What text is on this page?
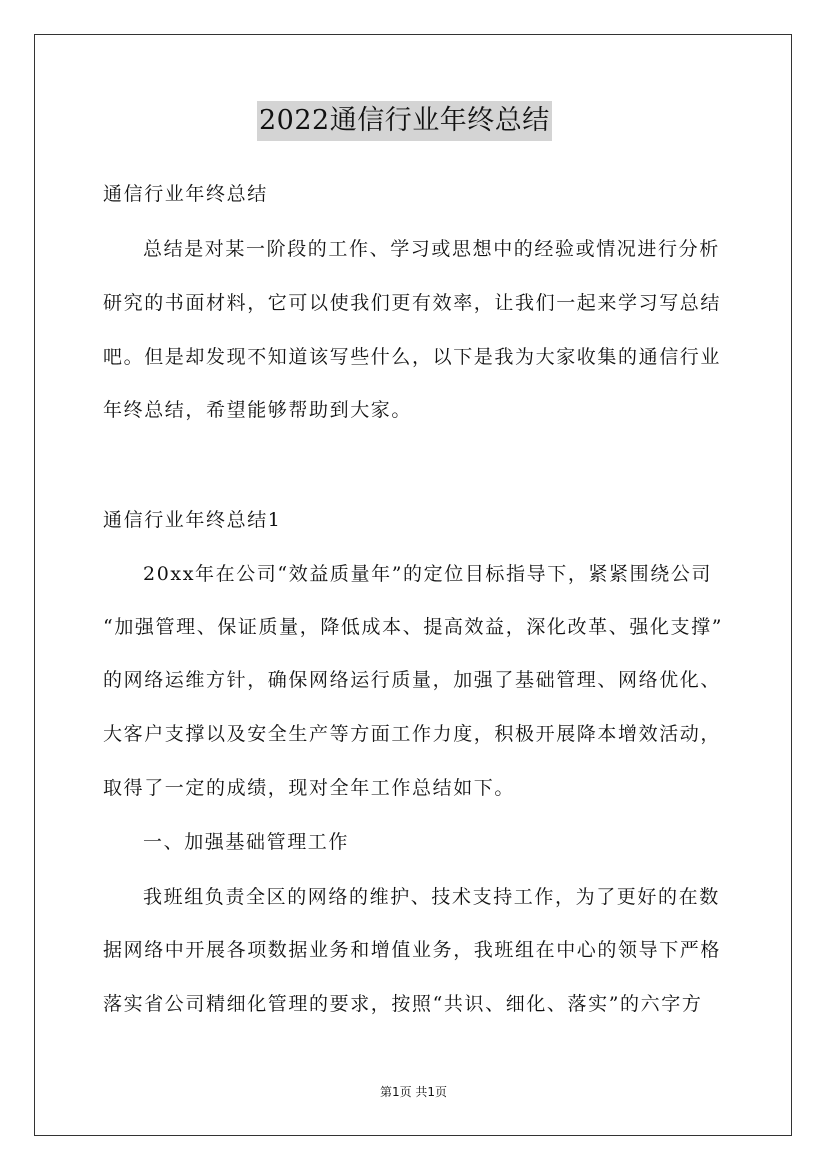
2022通信行业年终总结
通信行业年终总结
总结是对某一阶段的工作、学习或思想中的经验或情况进行分析
研究的书面材料，它可以使我们更有效率，让我们一起来学习写总结
吧。但是却发现不知道该写些什么，以下是我为大家收集的通信行业
年终总结，希望能够帮助到大家。
通信行业年终总结1
20xx年在公司“效益质量年”的定位目标指导下，紧紧围绕公司
“加强管理、保证质量，降低成本、提高效益，深化改革、强化支撑”
的网络运维方针，确保网络运行质量，加强了基础管理、网络优化、
大客户支撑以及安全生产等方面工作力度，积极开展降本增效活动，
取得了一定的成绩，现对全年工作总结如下。
一、加强基础管理工作
我班组负责全区的网络的维护、技术支持工作，为了更好的在数
据网络中开展各项数据业务和增值业务，我班组在中心的领导下严格
落实省公司精细化管理的要求，按照“共识、细化、落实”的六字方
第1页 共1页
